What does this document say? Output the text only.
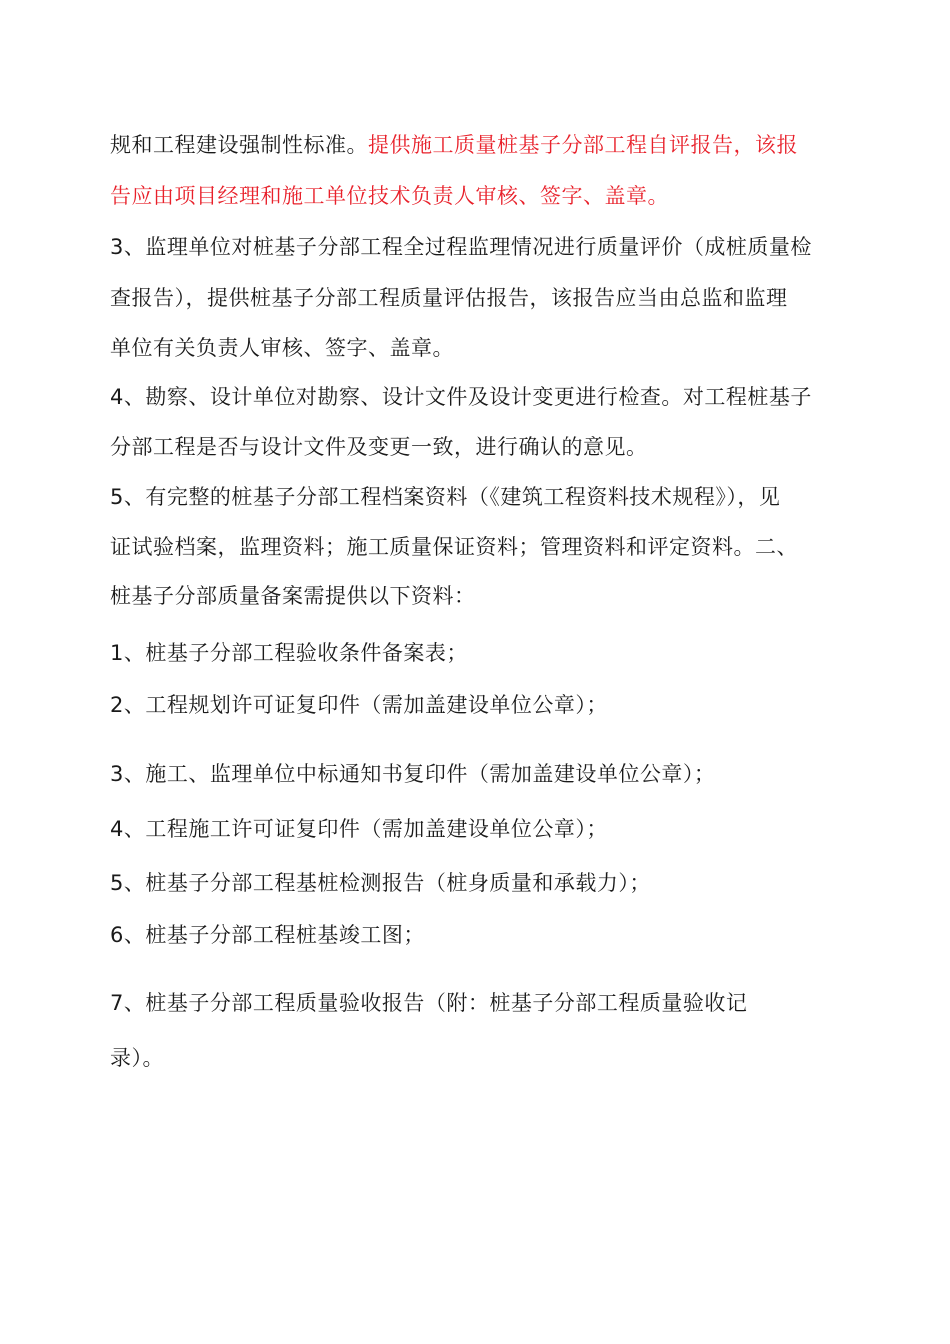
规和工程建设强制性标准。提供施工质量桩基子分部工程自评报告，该报
告应由项目经理和施工单位技术负责人审核、签字、盖章。
3、监理单位对桩基子分部工程全过程监理情况进行质量评价（成桩质量检
查报告），提供桩基子分部工程质量评估报告，该报告应当由总监和监理
单位有关负责人审核、签字、盖章。
4、勘察、设计单位对勘察、设计文件及设计变更进行检查。对工程桩基子
分部工程是否与设计文件及变更一致，进行确认的意见。
5、有完整的桩基子分部工程档案资料（《建筑工程资料技术规程》），见
证试验档案，监理资料；施工质量保证资料；管理资料和评定资料。二、
桩基子分部质量备案需提供以下资料：
1、桩基子分部工程验收条件备案表；
2、工程规划许可证复印件（需加盖建设单位公章）；
3、施工、监理单位中标通知书复印件（需加盖建设单位公章）；
4、工程施工许可证复印件（需加盖建设单位公章）；
5、桩基子分部工程基桩检测报告（桩身质量和承载力）；
6、桩基子分部工程桩基竣工图；
7、桩基子分部工程质量验收报告（附：桩基子分部工程质量验收记
录）。
